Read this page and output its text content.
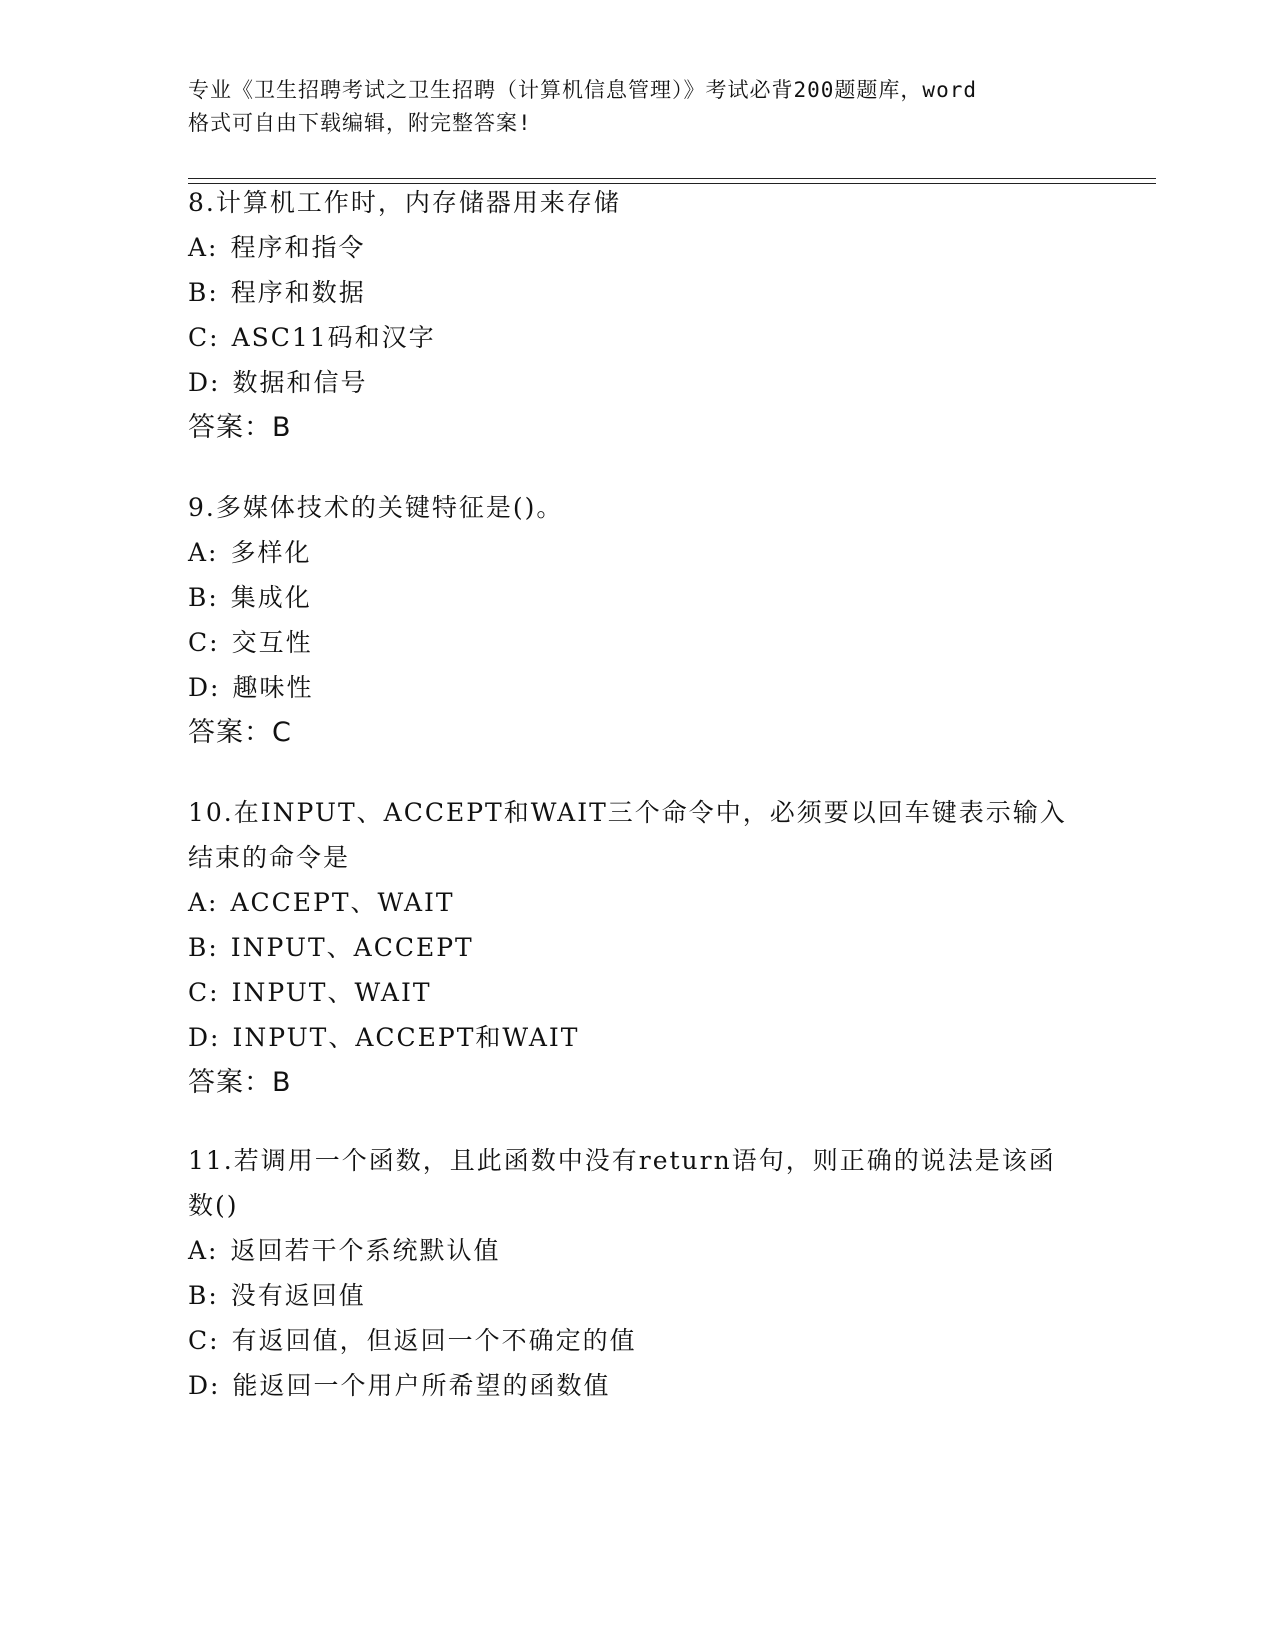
专业《卫生招聘考试之卫生招聘（计算机信息管理）》考试必背200题题库，word
格式可自由下载编辑，附完整答案!
8.计算机工作时，内存储器用来存储
A: 程序和指令
B: 程序和数据
C: ASC11码和汉字
D: 数据和信号
答案：B
9.多媒体技术的关键特征是()。
A: 多样化
B: 集成化
C: 交互性
D: 趣味性
答案：C
10.在INPUT、ACCEPT和WAIT三个命令中，必须要以回车键表示输入结束的命令是
A: ACCEPT、WAIT
B: INPUT、ACCEPT
C: INPUT、WAIT
D: INPUT、ACCEPT和WAIT
答案：B
11.若调用一个函数，且此函数中没有return语句，则正确的说法是该函数()
A: 返回若干个系统默认值
B: 没有返回值
C: 有返回值，但返回一个不确定的值
D: 能返回一个用户所希望的函数值
